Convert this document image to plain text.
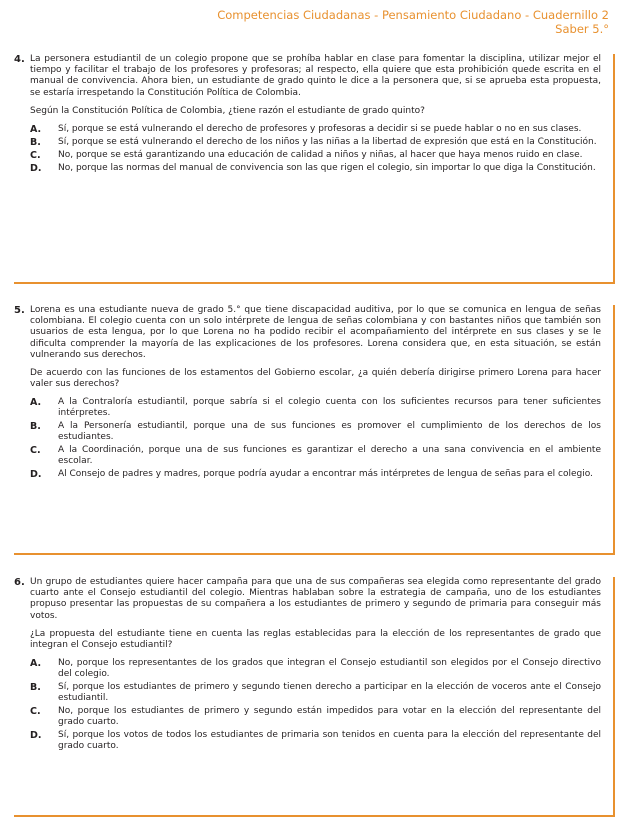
Competencias Ciudadanas - Pensamiento Ciudadano - Cuadernillo 2
Saber 5.°
4. La personera estudiantil de un colegio propone que se prohíba hablar en clase para fomentar la disciplina, utilizar mejor el tiempo y facilitar el trabajo de los profesores y profesoras; al respecto, ella quiere que esta prohibición quede escrita en el manual de convivencia. Ahora bien, un estudiante de grado quinto le dice a la personera que, si se aprueba esta propuesta, se estaría irrespetando la Constitución Política de Colombia.
Según la Constitución Política de Colombia, ¿tiene razón el estudiante de grado quinto?
A. Sí, porque se está vulnerando el derecho de profesores y profesoras a decidir si se puede hablar o no en sus clases.
B. Sí, porque se está vulnerando el derecho de los niños y las niñas a la libertad de expresión que está en la Constitución.
C. No, porque se está garantizando una educación de calidad a niños y niñas, al hacer que haya menos ruido en clase.
D. No, porque las normas del manual de convivencia son las que rigen el colegio, sin importar lo que diga la Constitución.
5. Lorena es una estudiante nueva de grado 5.° que tiene discapacidad auditiva, por lo que se comunica en lengua de señas colombiana. El colegio cuenta con un solo intérprete de lengua de señas colombiana y con bastantes niños que también son usuarios de esta lengua, por lo que Lorena no ha podido recibir el acompañamiento del intérprete en sus clases y se le dificulta comprender la mayoría de las explicaciones de los profesores. Lorena considera que, en esta situación, se están vulnerando sus derechos.
De acuerdo con las funciones de los estamentos del Gobierno escolar, ¿a quién debería dirigirse primero Lorena para hacer valer sus derechos?
A. A la Contraloría estudiantil, porque sabría si el colegio cuenta con los suficientes recursos para tener suficientes intérpretes.
B. A la Personería estudiantil, porque una de sus funciones es promover el cumplimiento de los derechos de los estudiantes.
C. A la Coordinación, porque una de sus funciones es garantizar el derecho a una sana convivencia en el ambiente escolar.
D. Al Consejo de padres y madres, porque podría ayudar a encontrar más intérpretes de lengua de señas para el colegio.
6. Un grupo de estudiantes quiere hacer campaña para que una de sus compañeras sea elegida como representante del grado cuarto ante el Consejo estudiantil del colegio. Mientras hablaban sobre la estrategia de campaña, uno de los estudiantes propuso presentar las propuestas de su compañera a los estudiantes de primero y segundo de primaria para conseguir más votos.
¿La propuesta del estudiante tiene en cuenta las reglas establecidas para la elección de los representantes de grado que integran el Consejo estudiantil?
A. No, porque los representantes de los grados que integran el Consejo estudiantil son elegidos por el Consejo directivo del colegio.
B. Sí, porque los estudiantes de primero y segundo tienen derecho a participar en la elección de voceros ante el Consejo estudiantil.
C. No, porque los estudiantes de primero y segundo están impedidos para votar en la elección del representante del grado cuarto.
D. Sí, porque los votos de todos los estudiantes de primaria son tenidos en cuenta para la elección del representante del grado cuarto.
